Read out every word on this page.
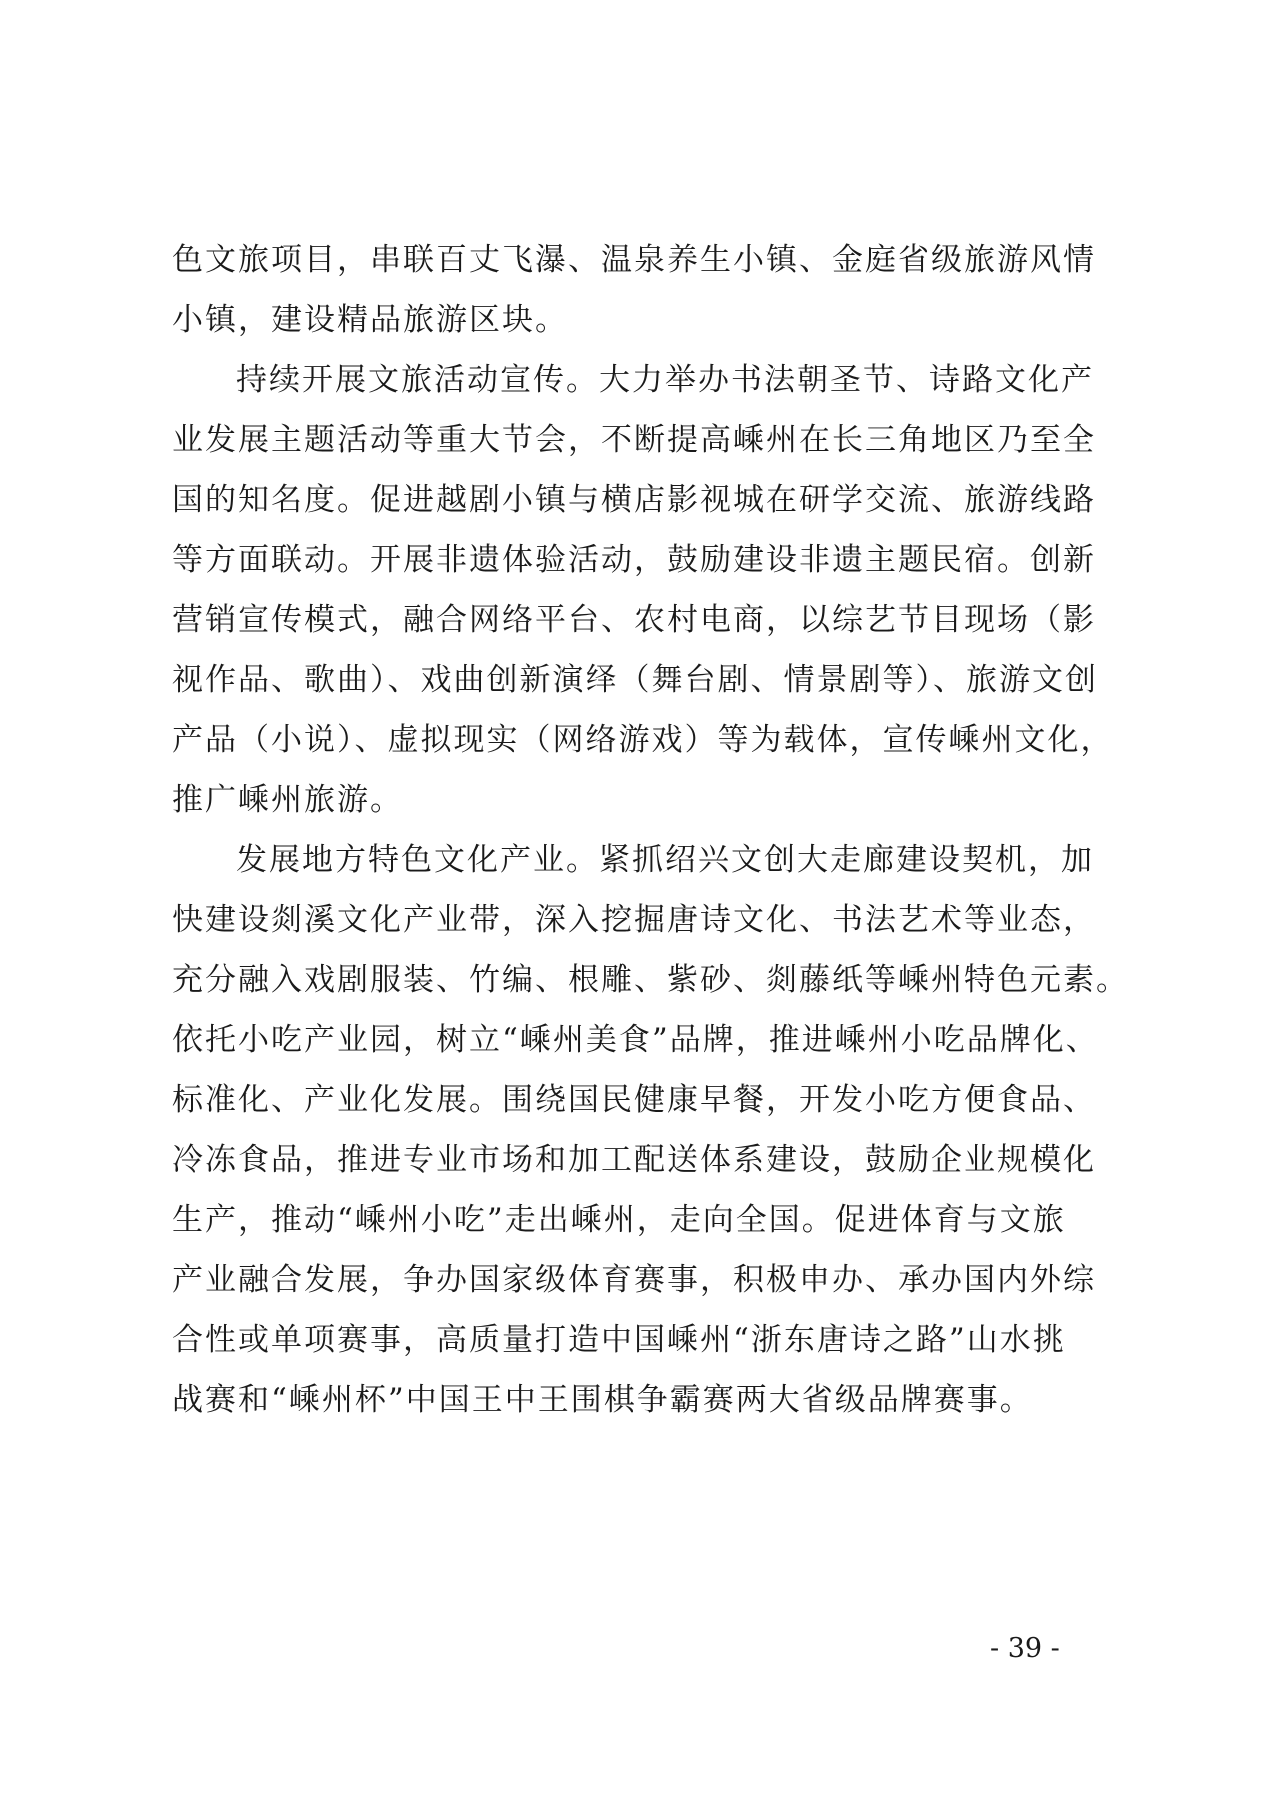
色文旅项目，串联百丈飞瀑、温泉养生小镇、金庭省级旅游风情
小镇，建设精品旅游区块。
持续开展文旅活动宣传。大力举办书法朝圣节、诗路文化产
业发展主题活动等重大节会，不断提高嵊州在长三角地区乃至全
国的知名度。促进越剧小镇与横店影视城在研学交流、旅游线路
等方面联动。开展非遗体验活动，鼓励建设非遗主题民宿。创新
营销宣传模式，融合网络平台、农村电商，以综艺节目现场（影
视作品、歌曲）、戏曲创新演绎（舞台剧、情景剧等）、旅游文创
产品（小说）、虚拟现实（网络游戏）等为载体，宣传嵊州文化，
推广嵊州旅游。
发展地方特色文化产业。紧抓绍兴文创大走廊建设契机，加
快建设剡溪文化产业带，深入挖掘唐诗文化、书法艺术等业态，
充分融入戏剧服装、竹编、根雕、紫砂、剡藤纸等嵊州特色元素。
依托小吃产业园，树立“嵊州美食”品牌，推进嵊州小吃品牌化、
标准化、产业化发展。围绕国民健康早餐，开发小吃方便食品、
冷冻食品，推进专业市场和加工配送体系建设，鼓励企业规模化
生产，推动“嵊州小吃”走出嵊州，走向全国。促进体育与文旅
产业融合发展，争办国家级体育赛事，积极申办、承办国内外综
合性或单项赛事，高质量打造中国嵊州“浙东唐诗之路”山水挑
战赛和“嵊州杯”中国王中王围棋争霸赛两大省级品牌赛事。
- 39 -
